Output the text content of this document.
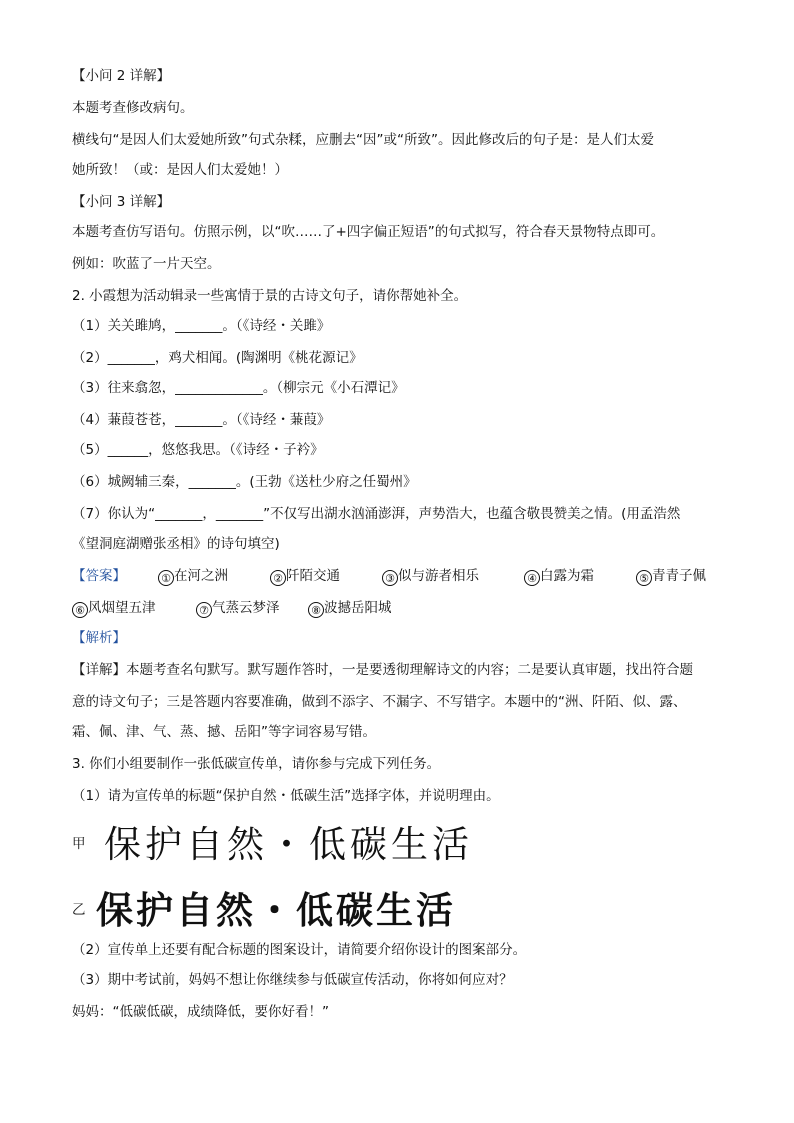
【小问 2 详解】
本题考查修改病句。
横线句“是因人们太爱她所致”句式杂糅，应删去“因”或“所致”。因此修改后的句子是：是人们太爱
她所致！（或：是因人们太爱她！）
【小问 3 详解】
本题考查仿写语句。仿照示例，以“吹……了+四字偏正短语”的句式拟写，符合春天景物特点即可。
例如：吹蓝了一片天空。
2. 小霞想为活动辑录一些寓情于景的古诗文句子，请你帮她补全。
（1）关关雎鸠，_______。（《诗经・关雎》
（2）_______，鸡犬相闻。(陶渊明《桃花源记》
（3）往来翕忽，_____________。（柳宗元《小石潭记》
（4）蒹葭苍苍，_______。（《诗经・蒹葭》
（5）______，悠悠我思。（《诗经・子衿》
（6）城阙辅三秦，_______。(王勃《送杜少府之任蜀州》
（7）你认为“_______，_______”不仅写出湖水汹涌澎湃，声势浩大，也蕴含敬畏赞美之情。(用孟浩然
《望洞庭湖赠张丞相》的诗句填空)
【答案】	① 在河之洲	② 阡陌交通	③ 似与游者相乐	④ 白露为霜	⑤ 青青子佩
⑥ 风烟望五津	⑦ 气蒸云梦泽	⑧ 波撼岳阳城
【解析】
【详解】本题考查名句默写。默写题作答时，一是要透彻理解诗文的内容；二是要认真审题，找出符合题
意的诗文句子；三是答题内容要准确，做到不添字、不漏字、不写错字。本题中的“洲、阡陌、似、露、
霜、佩、津、气、蒸、撼、岳阳”等字词容易写错。
3. 你们小组要制作一张低碳宣传单，请你参与完成下列任务。
（1）请为宣传单的标题“保护自然・低碳生活”选择字体，并说明理由。
甲 保护自然・低碳生活
乙 保护自然・低碳生活
（2）宣传单上还要有配合标题的图案设计，请简要介绍你设计的图案部分。
（3）期中考试前，妈妈不想让你继续参与低碳宣传活动，你将如何应对？
妈妈：“低碳低碳，成绩降低，要你好看！”
